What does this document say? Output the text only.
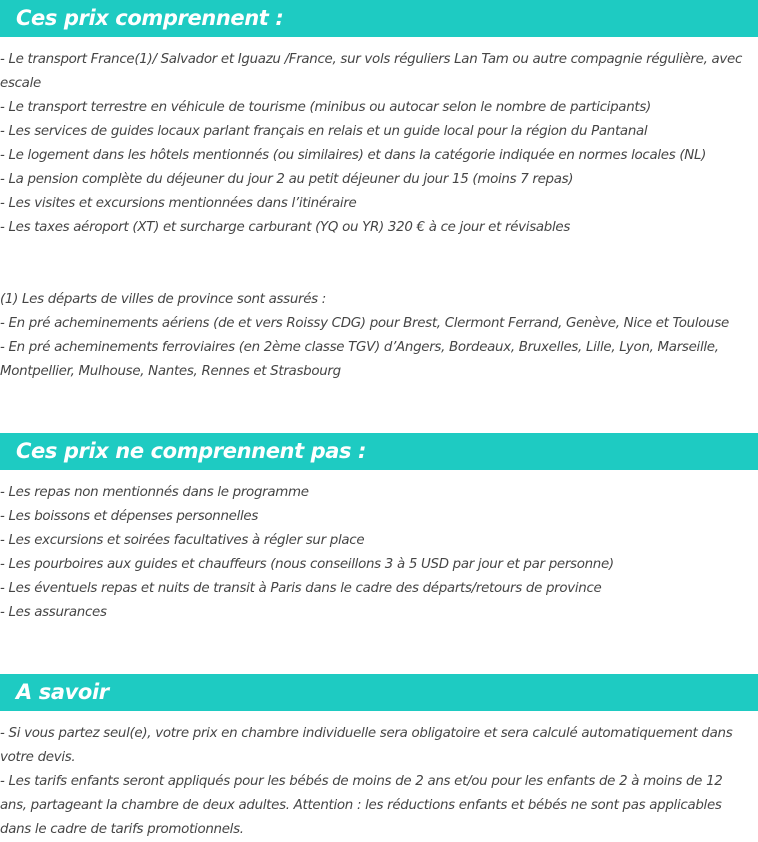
Ces prix comprennent :
- Le transport France(1)/ Salvador et Iguazu /France, sur vols réguliers Lan Tam ou autre compagnie régulière, avec escale
- Le transport terrestre en véhicule de tourisme (minibus ou autocar selon le nombre de participants)
- Les services de guides locaux parlant français en relais et un guide local pour la région du Pantanal
- Le logement dans les hôtels mentionnés (ou similaires) et dans la catégorie indiquée en normes locales (NL)
- La pension complète du déjeuner du jour 2 au petit déjeuner du jour 15 (moins 7 repas)
- Les visites et excursions mentionnées dans l’itinéraire
- Les taxes aéroport (XT) et surcharge carburant (YQ ou YR) 320 € à ce jour et révisables

(1) Les départs de villes de province sont assurés :

- En pré acheminements aériens (de et vers Roissy CDG) pour Brest, Clermont Ferrand, Genève, Nice et Toulouse

- En pré acheminements ferroviaires (en 2ème classe TGV) d’Angers, Bordeaux, Bruxelles, Lille, Lyon, Marseille, Montpellier, Mulhouse, Nantes, Rennes et Strasbourg

Ces prix ne comprennent pas :
- Les repas non mentionnés dans le programme
- Les boissons et dépenses personnelles
- Les excursions et soirées facultatives à régler sur place
- Les pourboires aux guides et chauffeurs (nous conseillons 3 à 5 USD par jour et par personne)
- Les éventuels repas et nuits de transit à Paris dans le cadre des départs/retours de province
- Les assurances
A savoir
- Si vous partez seul(e), votre prix en chambre individuelle sera obligatoire et sera calculé automatiquement dans votre devis.
- Les tarifs enfants seront appliqués pour les bébés de moins de 2 ans et/ou pour les enfants de 2 à moins de 12 ans, partageant la chambre de deux adultes. Attention : les réductions enfants et bébés ne sont pas applicables dans le cadre de tarifs promotionnels.
